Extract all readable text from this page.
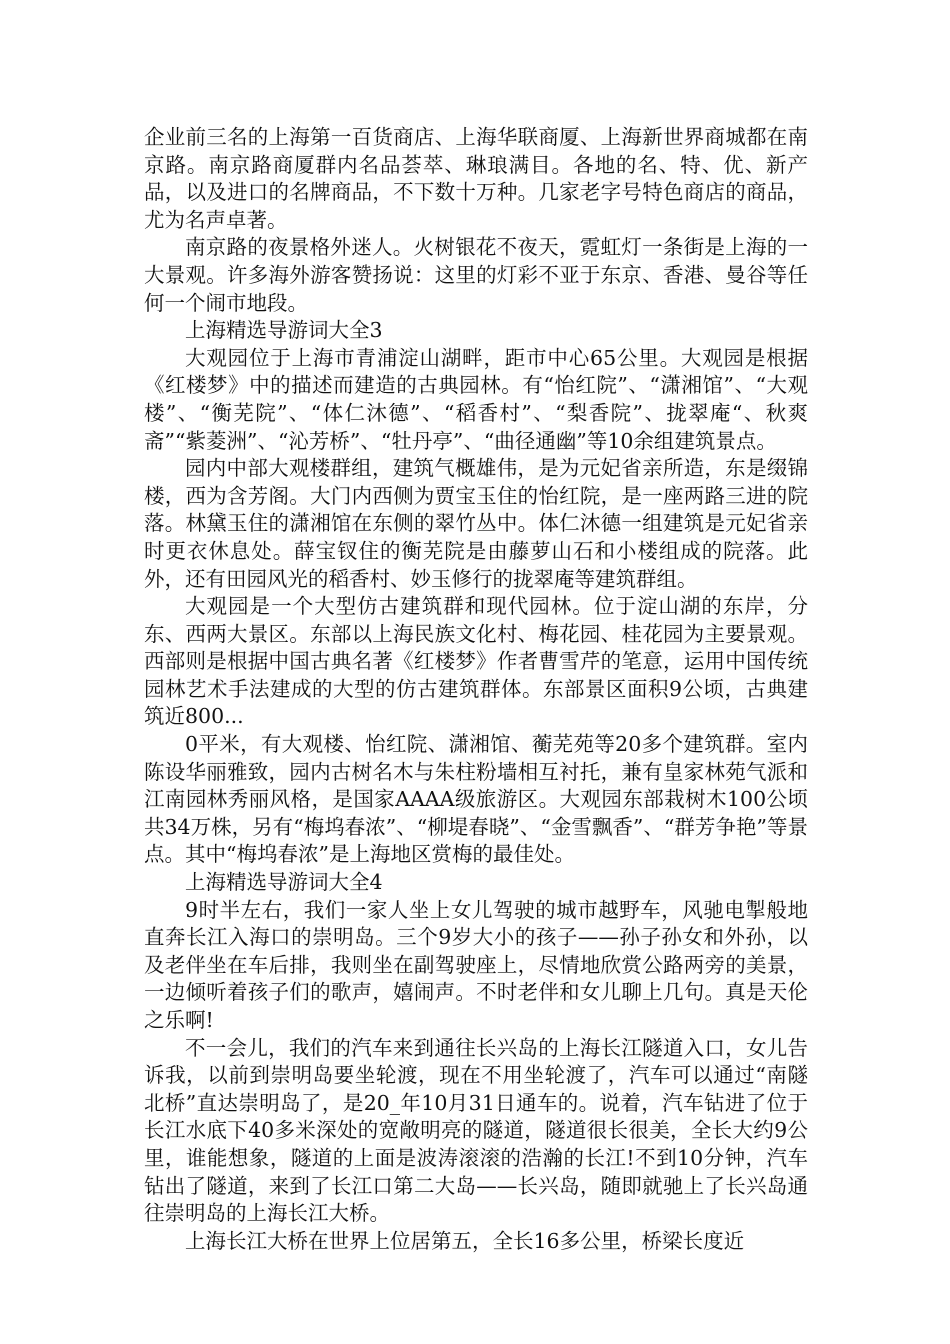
企业前三名的上海第一百货商店、上海华联商厦、上海新世界商城都在南京路。南京路商厦群内名品荟萃、琳琅满目。各地的名、特、优、新产品，以及进口的名牌商品，不下数十万种。几家老字号特色商店的商品，尤为名声卓著。

南京路的夜景格外迷人。火树银花不夜天，霓虹灯一条街是上海的一大景观。许多海外游客赞扬说：这里的灯彩不亚于东京、香港、曼谷等任何一个闹市地段。

上海精选导游词大全3

大观园位于上海市青浦淀山湖畔，距市中心65公里。大观园是根据《红楼梦》中的描述而建造的古典园林。有“怡红院”、“潇湘馆”、“大观楼”、“衡芜院”、“体仁沐德”、“稻香村”、“梨香院”、拢翠庵“、秋爽斋”“紫菱洲”、“沁芳桥”、“牡丹亭”、“曲径通幽”等10余组建筑景点。

园内中部大观楼群组，建筑气概雄伟，是为元妃省亲所造，东是缀锦楼，西为含芳阁。大门内西侧为贾宝玉住的怡红院，是一座两路三进的院落。林黛玉住的潇湘馆在东侧的翠竹丛中。体仁沐德一组建筑是元妃省亲时更衣休息处。薛宝钗住的衡芜院是由藤萝山石和小楼组成的院落。此外，还有田园风光的稻香村、妙玉修行的拢翠庵等建筑群组。

大观园是一个大型仿古建筑群和现代园林。位于淀山湖的东岸，分东、西两大景区。东部以上海民族文化村、梅花园、桂花园为主要景观。西部则是根据中国古典名著《红楼梦》作者曹雪芹的笔意，运用中国传统园林艺术手法建成的大型的仿古建筑群体。东部景区面积9公顷，古典建筑近800...

0平米，有大观楼、怡红院、潇湘馆、蘅芜苑等20多个建筑群。室内陈设华丽雅致，园内古树名木与朱柱粉墙相互衬托，兼有皇家林苑气派和江南园林秀丽风格，是国家AAAA级旅游区。大观园东部栽树木100公顷共34万株，另有“梅坞春浓”、“柳堤春晓”、“金雪飘香”、“群芳争艳”等景点。其中“梅坞春浓”是上海地区赏梅的最佳处。

上海精选导游词大全4

9时半左右，我们一家人坐上女儿驾驶的城市越野车，风驰电掣般地直奔长江入海口的崇明岛。三个9岁大小的孩子——孙子孙女和外孙，以及老伴坐在车后排，我则坐在副驾驶座上，尽情地欣赏公路两旁的美景，一边倾听着孩子们的歌声，嬉闹声。不时老伴和女儿聊上几句。真是天伦之乐啊!

不一会儿，我们的汽车来到通往长兴岛的上海长江隧道入口，女儿告诉我，以前到崇明岛要坐轮渡，现在不用坐轮渡了，汽车可以通过“南隧北桥”直达崇明岛了，是20_年10月31日通车的。说着，汽车钻进了位于长江水底下40多米深处的宽敞明亮的隧道，隧道很长很美，全长大约9公里，谁能想象，隧道的上面是波涛滚滚的浩瀚的长江!不到10分钟，汽车钻出了隧道，来到了长江口第二大岛——长兴岛，随即就驰上了长兴岛通往崇明岛的上海长江大桥。

上海长江大桥在世界上位居第五，全长16多公里，桥梁长度近
